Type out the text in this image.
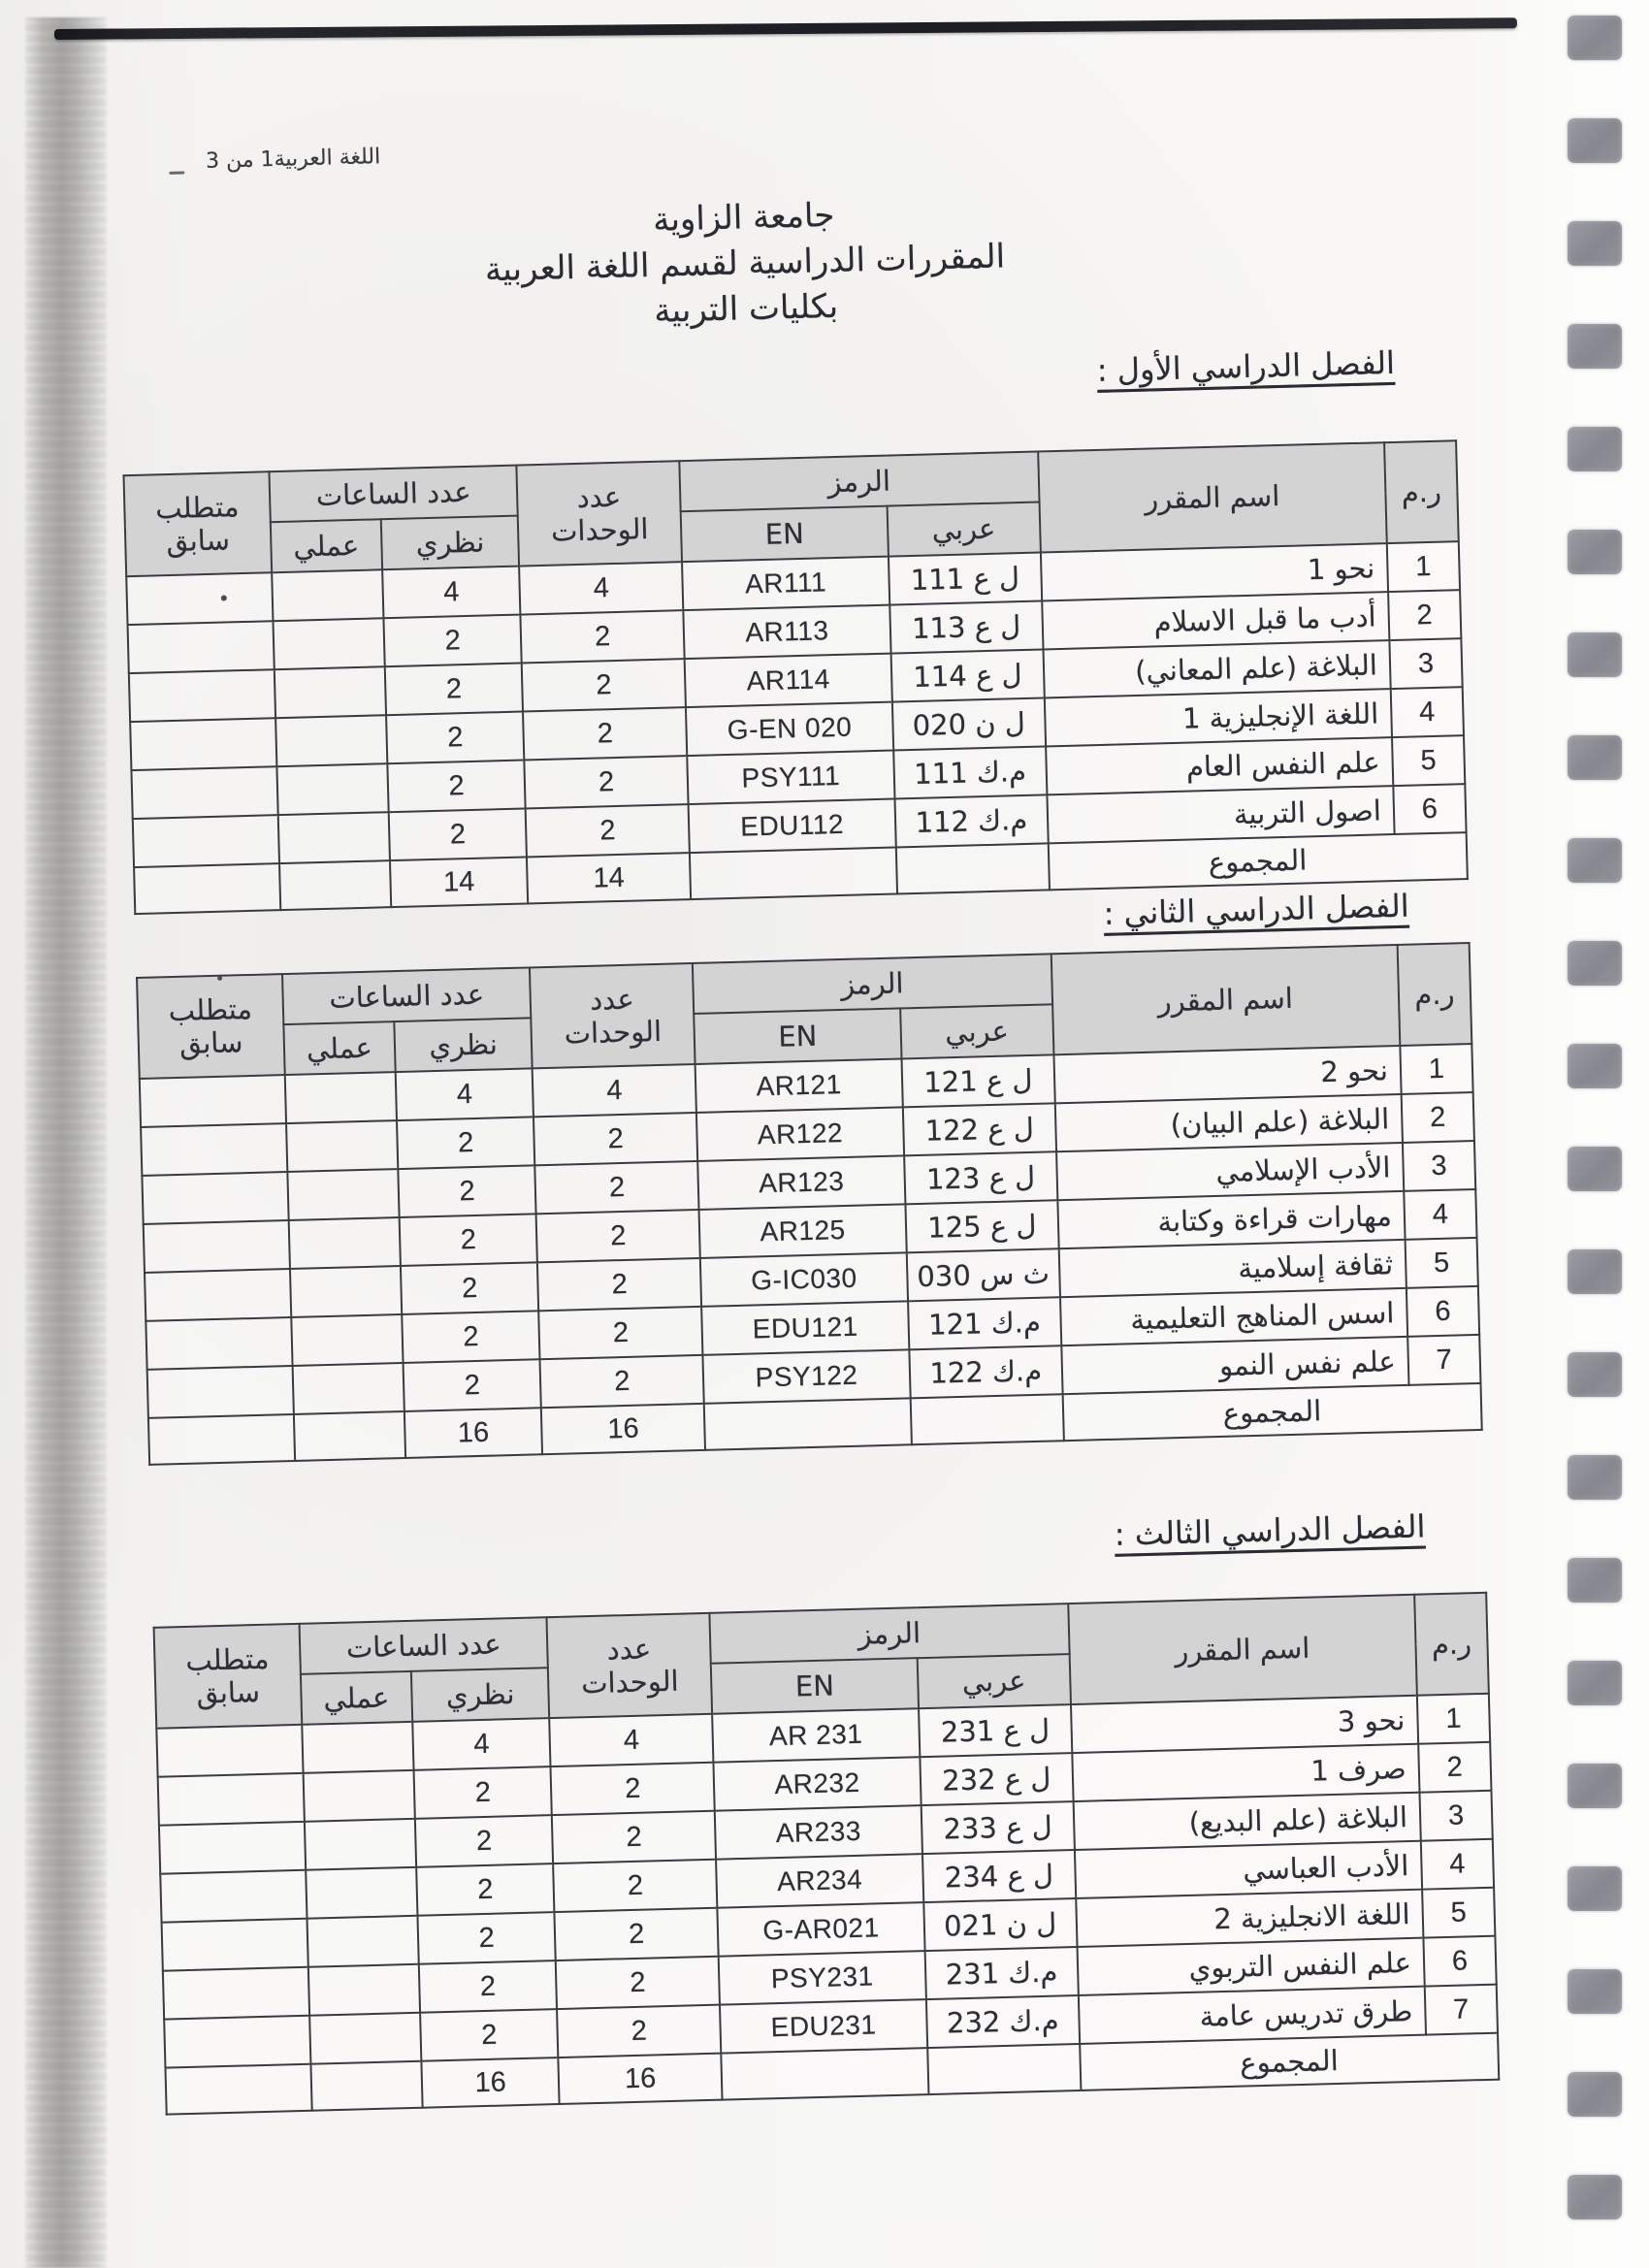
اللغة العربية1 من 3
جامعة الزاوية
المقررات الدراسية لقسم اللغة العربية
بكليات التربية
الفصل الدراسي الأول :
ر.م	اسم المقرر	الرمز		عدد الوحدات	عدد الساعات		متطلب سابق
		عربي	EN		نظري	عملي	
1	نحو 1	ل ع 111	AR111	4	4		
2	أدب ما قبل الاسلام	ل ع 113	AR113	2	2		
3	البلاغة (علم المعاني)	ل ع 114	AR114	2	2		
4	اللغة الإنجليزية 1	ل ن 020	G-EN 020	2	2		
5	علم النفس العام	م.ك 111	PSY111	2	2		
6	اصول التربية	م.ك 112	EDU112	2	2		
المجموع				14	14		
الفصل الدراسي الثاني :
ر.م	اسم المقرر	الرمز		عدد الوحدات	عدد الساعات		متطلب سابق
		عربي	EN		نظري	عملي	
1	نحو 2	ل ع 121	AR121	4	4		
2	البلاغة (علم البيان)	ل ع 122	AR122	2	2		
3	الأدب الإسلامي	ل ع 123	AR123	2	2		
4	مهارات قراءة وكتابة	ل ع 125	AR125	2	2		
5	ثقافة إسلامية	ث س 030	G-IC030	2	2		
6	اسس المناهج التعليمية	م.ك 121	EDU121	2	2		
7	علم نفس النمو	م.ك 122	PSY122	2	2		
المجموع				16	16		
الفصل الدراسي الثالث :
ر.م	اسم المقرر	الرمز		عدد الوحدات	عدد الساعات		متطلب سابق
		عربي	EN		نظري	عملي	
1	نحو 3	ل ع 231	AR 231	4	4		
2	صرف 1	ل ع 232	AR232	2	2		
3	البلاغة (علم البديع)	ل ع 233	AR233	2	2		
4	الأدب العباسي	ل ع 234	AR234	2	2		
5	اللغة الانجليزية 2	ل ن 021	G-AR021	2	2		
6	علم النفس التربوي	م.ك 231	PSY231	2	2		
7	طرق تدريس عامة	م.ك 232	EDU231	2	2		
المجموع				16	16		
